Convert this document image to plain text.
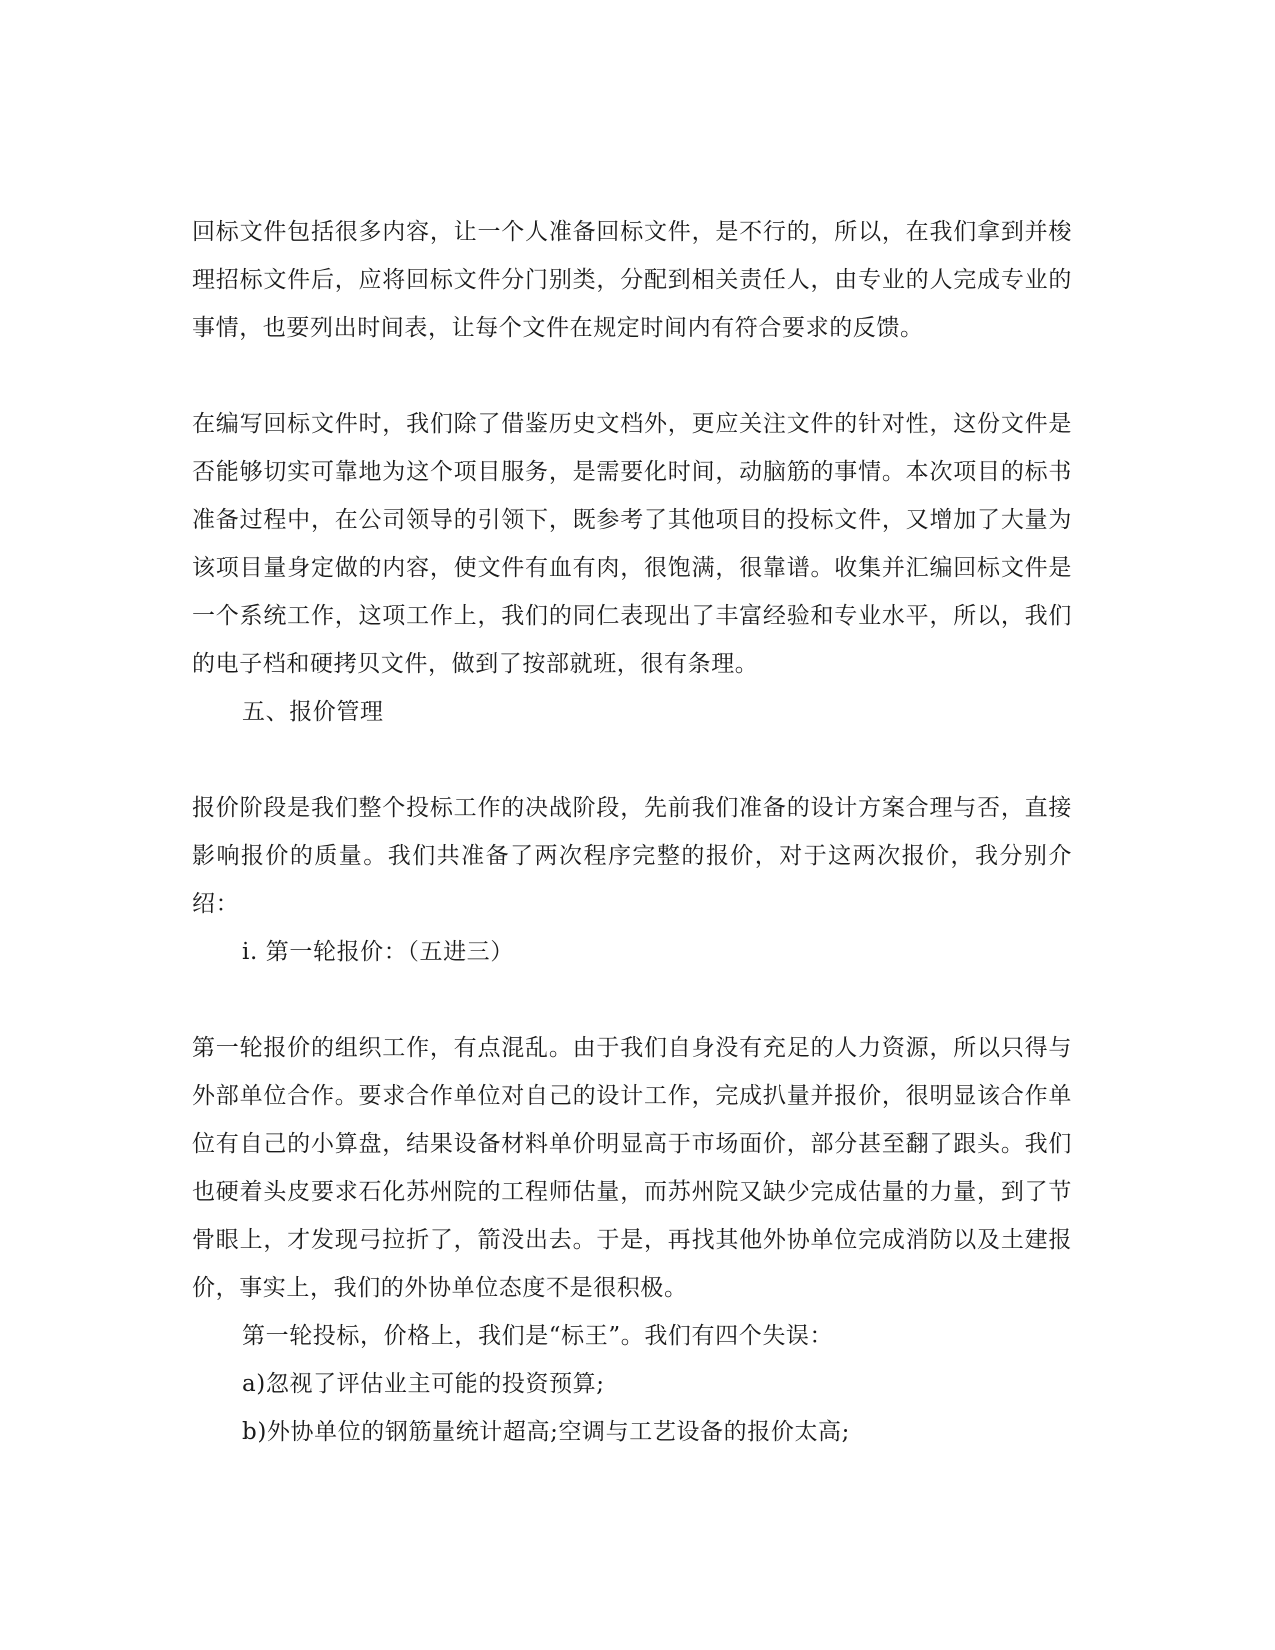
回标文件包括很多内容，让一个人准备回标文件，是不行的，所以，在我们拿到并梭理招标文件后，应将回标文件分门别类，分配到相关责任人，由专业的人完成专业的事情，也要列出时间表，让每个文件在规定时间内有符合要求的反馈。

在编写回标文件时，我们除了借鉴历史文档外，更应关注文件的针对性，这份文件是否能够切实可靠地为这个项目服务，是需要化时间，动脑筋的事情。本次项目的标书准备过程中，在公司领导的引领下，既参考了其他项目的投标文件，又增加了大量为该项目量身定做的内容，使文件有血有肉，很饱满，很靠谱。收集并汇编回标文件是一个系统工作，这项工作上，我们的同仁表现出了丰富经验和专业水平，所以，我们的电子档和硬拷贝文件，做到了按部就班，很有条理。

五、报价管理

报价阶段是我们整个投标工作的决战阶段，先前我们准备的设计方案合理与否，直接影响报价的质量。我们共准备了两次程序完整的报价，对于这两次报价，我分别介绍：

i. 第一轮报价：（五进三）

第一轮报价的组织工作，有点混乱。由于我们自身没有充足的人力资源，所以只得与外部单位合作。要求合作单位对自己的设计工作，完成扒量并报价，很明显该合作单位有自己的小算盘，结果设备材料单价明显高于市场面价，部分甚至翻了跟头。我们也硬着头皮要求石化苏州院的工程师估量，而苏州院又缺少完成估量的力量，到了节骨眼上，才发现弓拉折了，箭没出去。于是，再找其他外协单位完成消防以及土建报价，事实上，我们的外协单位态度不是很积极。

第一轮投标，价格上，我们是“标王”。我们有四个失误：

a)忽视了评估业主可能的投资预算;

b)外协单位的钢筋量统计超高;空调与工艺设备的报价太高;
